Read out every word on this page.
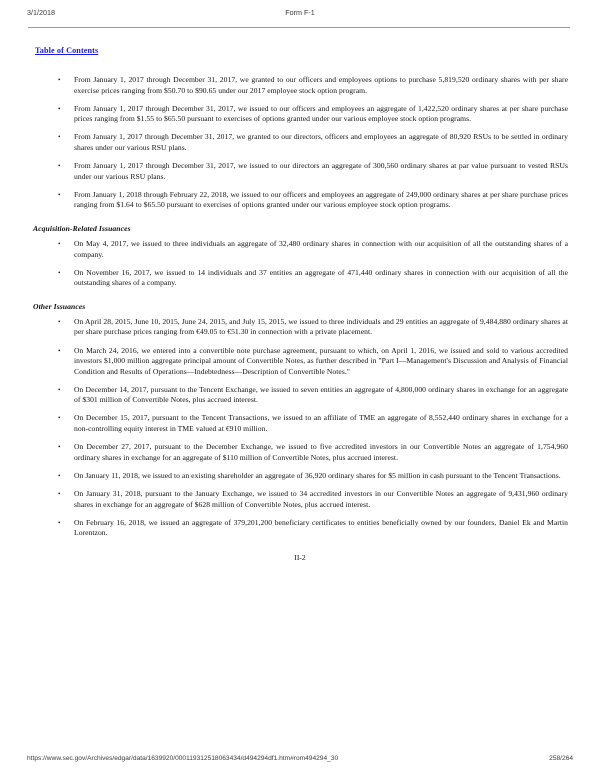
3/1/2018	Form F-1
Table of Contents
• From January 1, 2017 through December 31, 2017, we granted to our officers and employees options to purchase 5,819,520 ordinary shares with per share exercise prices ranging from $50.70 to $90.65 under our 2017 employee stock option program.
• From January 1, 2017 through December 31, 2017, we issued to our officers and employees an aggregate of 1,422,520 ordinary shares at per share purchase prices ranging from $1.55 to $65.50 pursuant to exercises of options granted under our various employee stock option programs.
• From January 1, 2017 through December 31, 2017, we granted to our directors, officers and employees an aggregate of 80,920 RSUs to be settled in ordinary shares under our various RSU plans.
• From January 1, 2017 through December 31, 2017, we issued to our directors an aggregate of 300,560 ordinary shares at par value pursuant to vested RSUs under our various RSU plans.
• From January 1, 2018 through February 22, 2018, we issued to our officers and employees an aggregate of 249,000 ordinary shares at per share purchase prices ranging from $1.64 to $65.50 pursuant to exercises of options granted under our various employee stock option programs.
Acquisition-Related Issuances
• On May 4, 2017, we issued to three individuals an aggregate of 32,480 ordinary shares in connection with our acquisition of all the outstanding shares of a company.
• On November 16, 2017, we issued to 14 individuals and 37 entities an aggregate of 471,440 ordinary shares in connection with our acquisition of all the outstanding shares of a company.
Other Issuances
• On April 28, 2015, June 10, 2015, June 24, 2015, and July 15, 2015, we issued to three individuals and 29 entities an aggregate of 9,484,880 ordinary shares at per share purchase prices ranging from €49.05 to €51.30 in connection with a private placement.
• On March 24, 2016, we entered into a convertible note purchase agreement, pursuant to which, on April 1, 2016, we issued and sold to various accredited investors $1,000 million aggregate principal amount of Convertible Notes, as further described in "Part I—Management's Discussion and Analysis of Financial Condition and Results of Operations—Indebtedness—Description of Convertible Notes."
• On December 14, 2017, pursuant to the Tencent Exchange, we issued to seven entities an aggregate of 4,800,000 ordinary shares in exchange for an aggregate of $301 million of Convertible Notes, plus accrued interest.
• On December 15, 2017, pursuant to the Tencent Transactions, we issued to an affiliate of TME an aggregate of 8,552,440 ordinary shares in exchange for a non-controlling equity interest in TME valued at €910 million.
• On December 27, 2017, pursuant to the December Exchange, we issued to five accredited investors in our Convertible Notes an aggregate of 1,754,960 ordinary shares in exchange for an aggregate of $110 million of Convertible Notes, plus accrued interest.
• On January 11, 2018, we issued to an existing shareholder an aggregate of 36,920 ordinary shares for $5 million in cash pursuant to the Tencent Transactions.
• On January 31, 2018, pursuant to the January Exchange, we issued to 34 accredited investors in our Convertible Notes an aggregate of 9,431,960 ordinary shares in exchange for an aggregate of $628 million of Convertible Notes, plus accrued interest.
• On February 16, 2018, we issued an aggregate of 379,201,200 beneficiary certificates to entities beneficially owned by our founders, Daniel Ek and Martin Lorentzon.
II-2
https://www.sec.gov/Archives/edgar/data/1639920/000119312518063434/d494294df1.htm#rom494294_30	258/264
